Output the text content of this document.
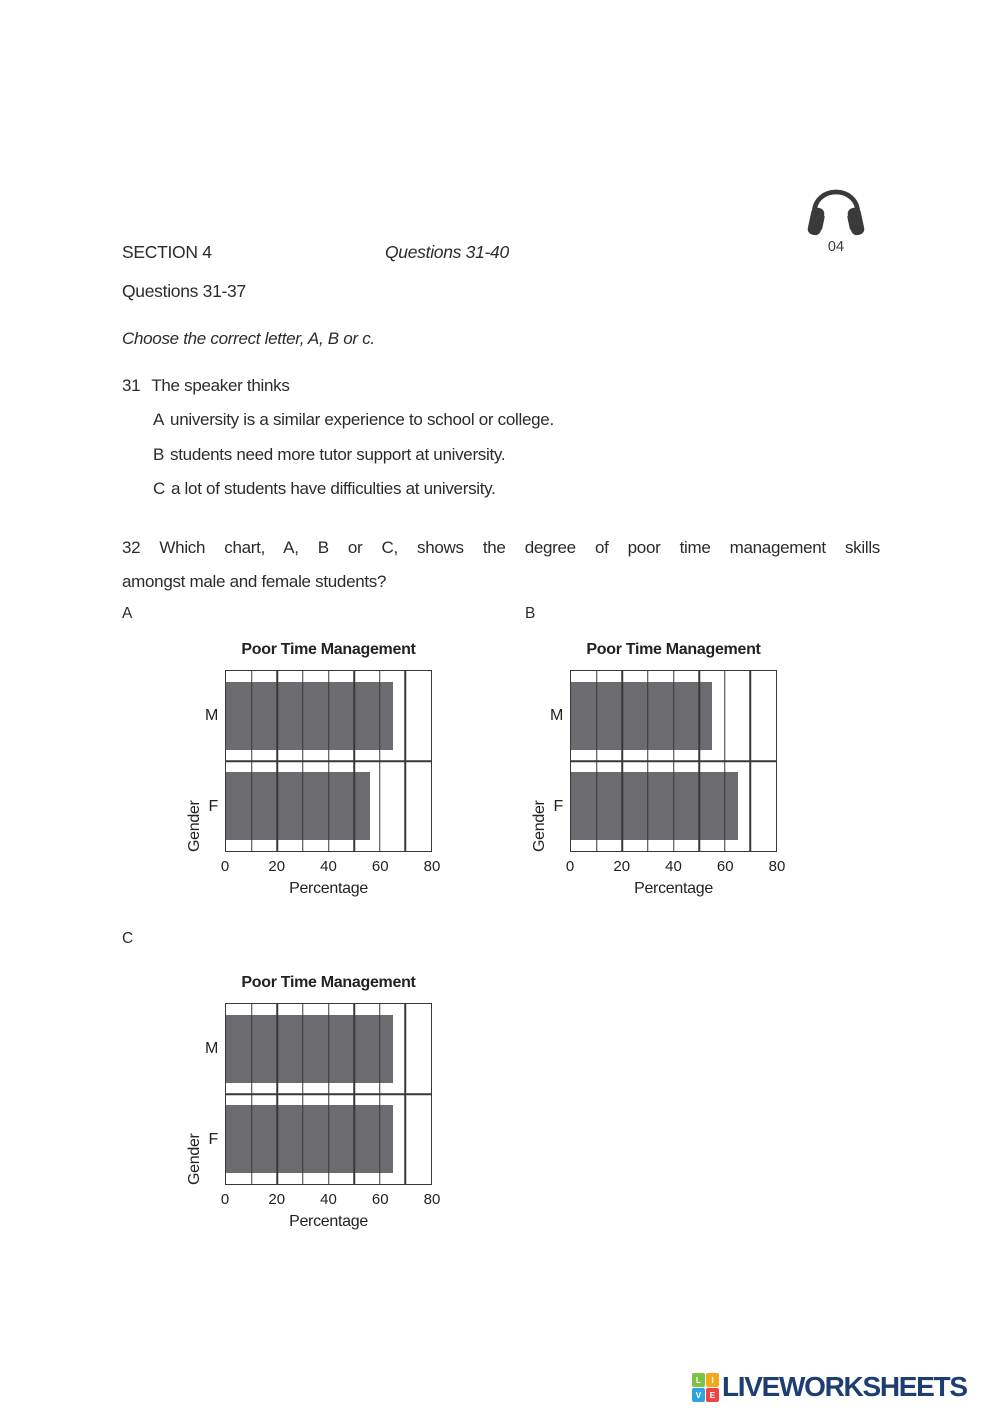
04
SECTION 4	Questions 31-40
Questions 31-37
Choose the correct letter, A, B or c.
31 The speaker thinks
A university is a similar experience to school or college.
B students need more tutor support at university.
C a lot of students have difficulties at university.
32 Which chart, A, B or C, shows the degree of poor time management skills
amongst male and female students?
A	B
C
Poor Time Management
Gender
M
F
0	20 40 60 80
Percentage
Poor Time Management
Gender
M
F
0	20 40 60 80
Percentage
Poor Time Management
Gender
M
F
0	20 40 60 80
Percentage
L	I
V E LIVEWORKSHEETS
